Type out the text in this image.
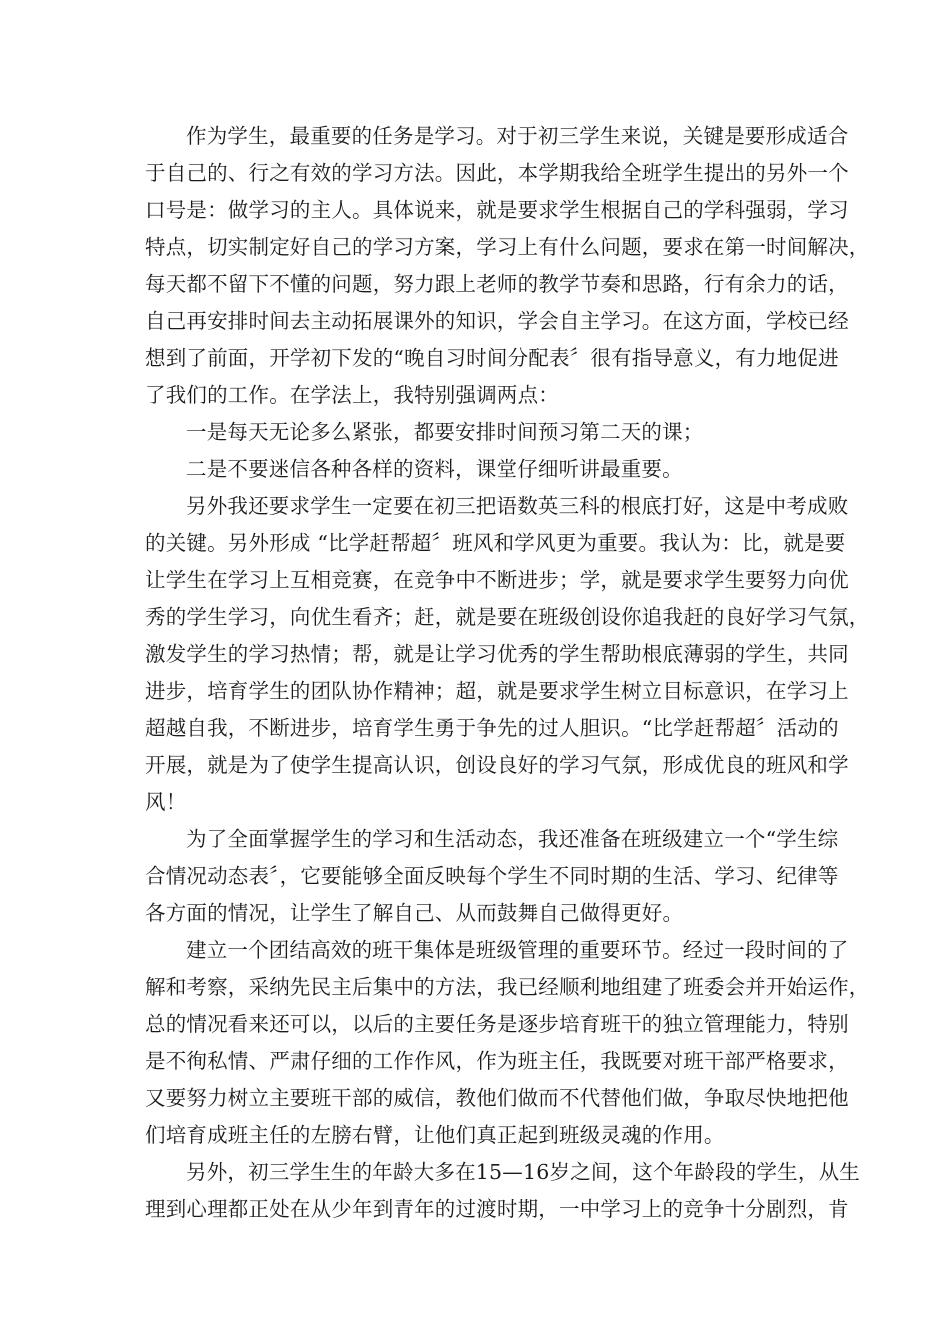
作为学生，最重要的任务是学习。对于初三学生来说，关键是要形成适合
于自己的、行之有效的学习方法。因此，本学期我给全班学生提出的另外一个
口号是：做学习的主人。具体说来，就是要求学生根据自己的学科强弱，学习
特点，切实制定好自己的学习方案，学习上有什么问题，要求在第一时间解决，
每天都不留下不懂的问题，努力跟上老师的教学节奏和思路，行有余力的话，
自己再安排时间去主动拓展课外的知识，学会自主学习。在这方面，学校已经
想到了前面，开学初下发的“晚自习时间分配表〞很有指导意义，有力地促进
了我们的工作。在学法上，我特别强调两点：
一是每天无论多么紧张，都要安排时间预习第二天的课；
二是不要迷信各种各样的资料，课堂仔细听讲最重要。
另外我还要求学生一定要在初三把语数英三科的根底打好，这是中考成败
的关键。另外形成 “比学赶帮超〞班风和学风更为重要。我认为：比，就是要
让学生在学习上互相竞赛，在竞争中不断进步；学，就是要求学生要努力向优
秀的学生学习，向优生看齐；赶，就是要在班级创设你追我赶的良好学习气氛，
激发学生的学习热情；帮，就是让学习优秀的学生帮助根底薄弱的学生，共同
进步，培育学生的团队协作精神；超，就是要求学生树立目标意识，在学习上
超越自我，不断进步，培育学生勇于争先的过人胆识。“比学赶帮超〞活动的
开展，就是为了使学生提高认识，创设良好的学习气氛，形成优良的班风和学
风！
为了全面掌握学生的学习和生活动态，我还准备在班级建立一个“学生综
合情况动态表〞，它要能够全面反映每个学生不同时期的生活、学习、纪律等
各方面的情况，让学生了解自己、从而鼓舞自己做得更好。
建立一个团结高效的班干集体是班级管理的重要环节。经过一段时间的了
解和考察，采纳先民主后集中的方法，我已经顺利地组建了班委会并开始运作，
总的情况看来还可以，以后的主要任务是逐步培育班干的独立管理能力，特别
是不徇私情、严肃仔细的工作作风，作为班主任，我既要对班干部严格要求，
又要努力树立主要班干部的威信，教他们做而不代替他们做，争取尽快地把他
们培育成班主任的左膀右臂，让他们真正起到班级灵魂的作用。
另外，初三学生生的年龄大多在15—16岁之间，这个年龄段的学生，从生
理到心理都正处在从少年到青年的过渡时期，一中学习上的竞争十分剧烈，肯
